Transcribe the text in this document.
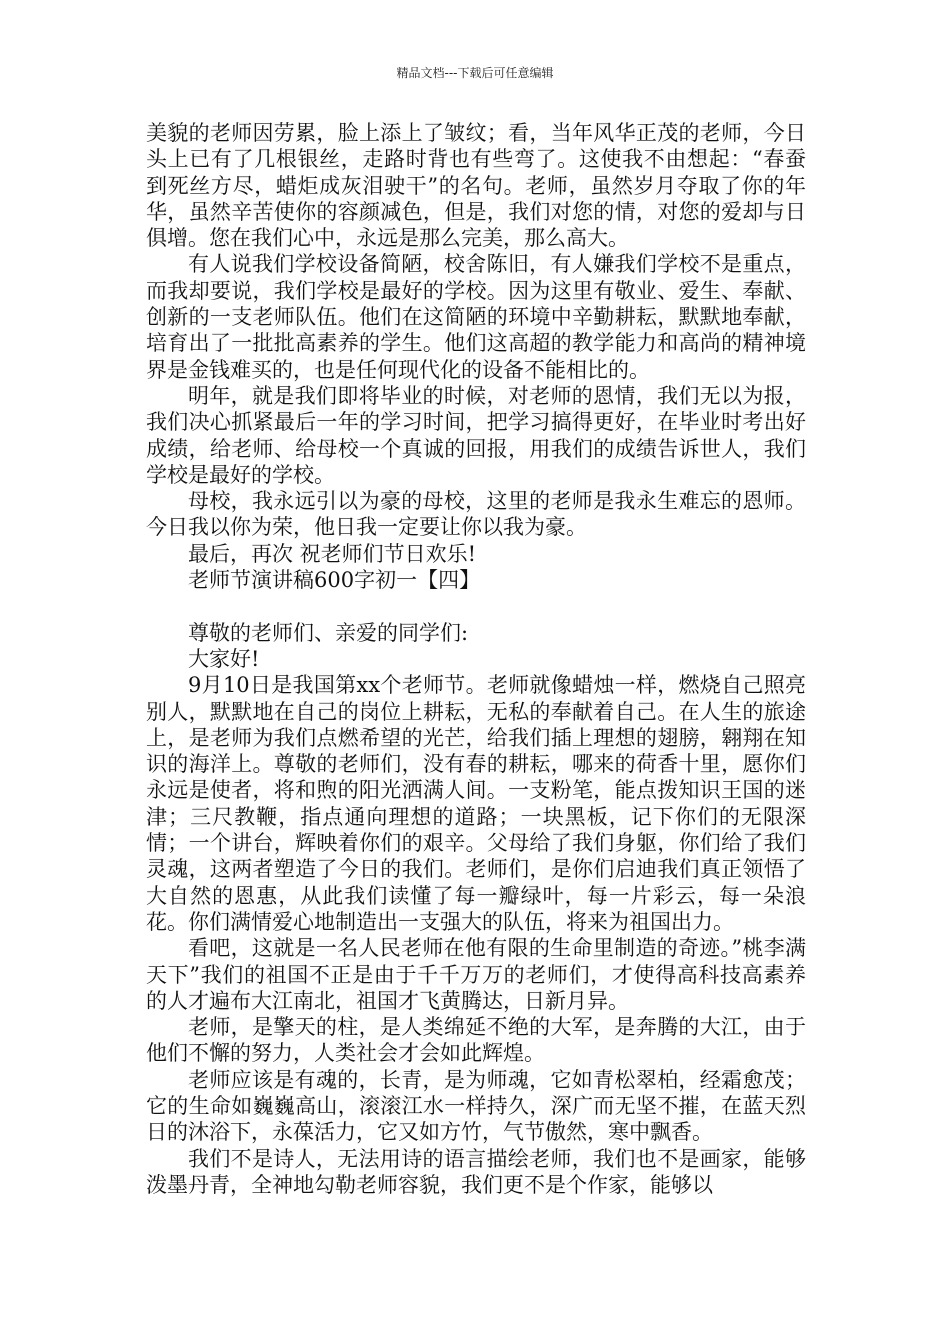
精品文档---下载后可任意编辑

美貌的老师因劳累，脸上添上了皱纹；看，当年风华正茂的老师，今日头上已有了几根银丝，走路时背也有些弯了。这使我不由想起：“春蚕到死丝方尽，蜡炬成灰泪驶干”的名句。老师，虽然岁月夺取了你的年华，虽然辛苦使你的容颜减色，但是，我们对您的情，对您的爱却与日俱增。您在我们心中，永远是那么完美，那么高大。

有人说我们学校设备简陋，校舍陈旧，有人嫌我们学校不是重点，而我却要说，我们学校是最好的学校。因为这里有敬业、爱生、奉献、创新的一支老师队伍。他们在这简陋的环境中辛勤耕耘，默默地奉献，培育出了一批批高素养的学生。他们这高超的教学能力和高尚的精神境界是金钱难买的，也是任何现代化的设备不能相比的。

明年，就是我们即将毕业的时候，对老师的恩情，我们无以为报，我们决心抓紧最后一年的学习时间，把学习搞得更好，在毕业时考出好成绩，给老师、给母校一个真诚的回报，用我们的成绩告诉世人，我们学校是最好的学校。

母校，我永远引以为豪的母校，这里的老师是我永生难忘的恩师。今日我以你为荣，他日我一定要让你以我为豪。

最后，再次 祝老师们节日欢乐!

老师节演讲稿600字初一【四】

尊敬的老师们、亲爱的同学们:

大家好!

9月10日是我国第xx个老师节。老师就像蜡烛一样，燃烧自己照亮别人，默默地在自己的岗位上耕耘，无私的奉献着自己。在人生的旅途上，是老师为我们点燃希望的光芒，给我们插上理想的翅膀，翱翔在知识的海洋上。尊敬的老师们，没有春的耕耘，哪来的荷香十里，愿你们永远是使者，将和煦的阳光洒满人间。一支粉笔，能点拨知识王国的迷津；三尺教鞭，指点通向理想的道路；一块黑板，记下你们的无限深情；一个讲台，辉映着你们的艰辛。父母给了我们身躯，你们给了我们灵魂，这两者塑造了今日的我们。老师们，是你们启迪我们真正领悟了大自然的恩惠，从此我们读懂了每一瓣绿叶，每一片彩云，每一朵浪花。你们满情爱心地制造出一支强大的队伍，将来为祖国出力。

看吧，这就是一名人民老师在他有限的生命里制造的奇迹。”桃李满天下”我们的祖国不正是由于千千万万的老师们，才使得高科技高素养的人才遍布大江南北，祖国才飞黄腾达，日新月异。

老师，是擎天的柱，是人类绵延不绝的大军，是奔腾的大江，由于他们不懈的努力，人类社会才会如此辉煌。

老师应该是有魂的，长青，是为师魂，它如青松翠柏，经霜愈茂；它的生命如巍巍高山，滚滚江水一样持久，深广而无坚不摧，在蓝天烈日的沐浴下，永葆活力，它又如方竹，气节傲然，寒中飘香。

我们不是诗人，无法用诗的语言描绘老师，我们也不是画家，能够泼墨丹青，全神地勾勒老师容貌，我们更不是个作家，能够以
